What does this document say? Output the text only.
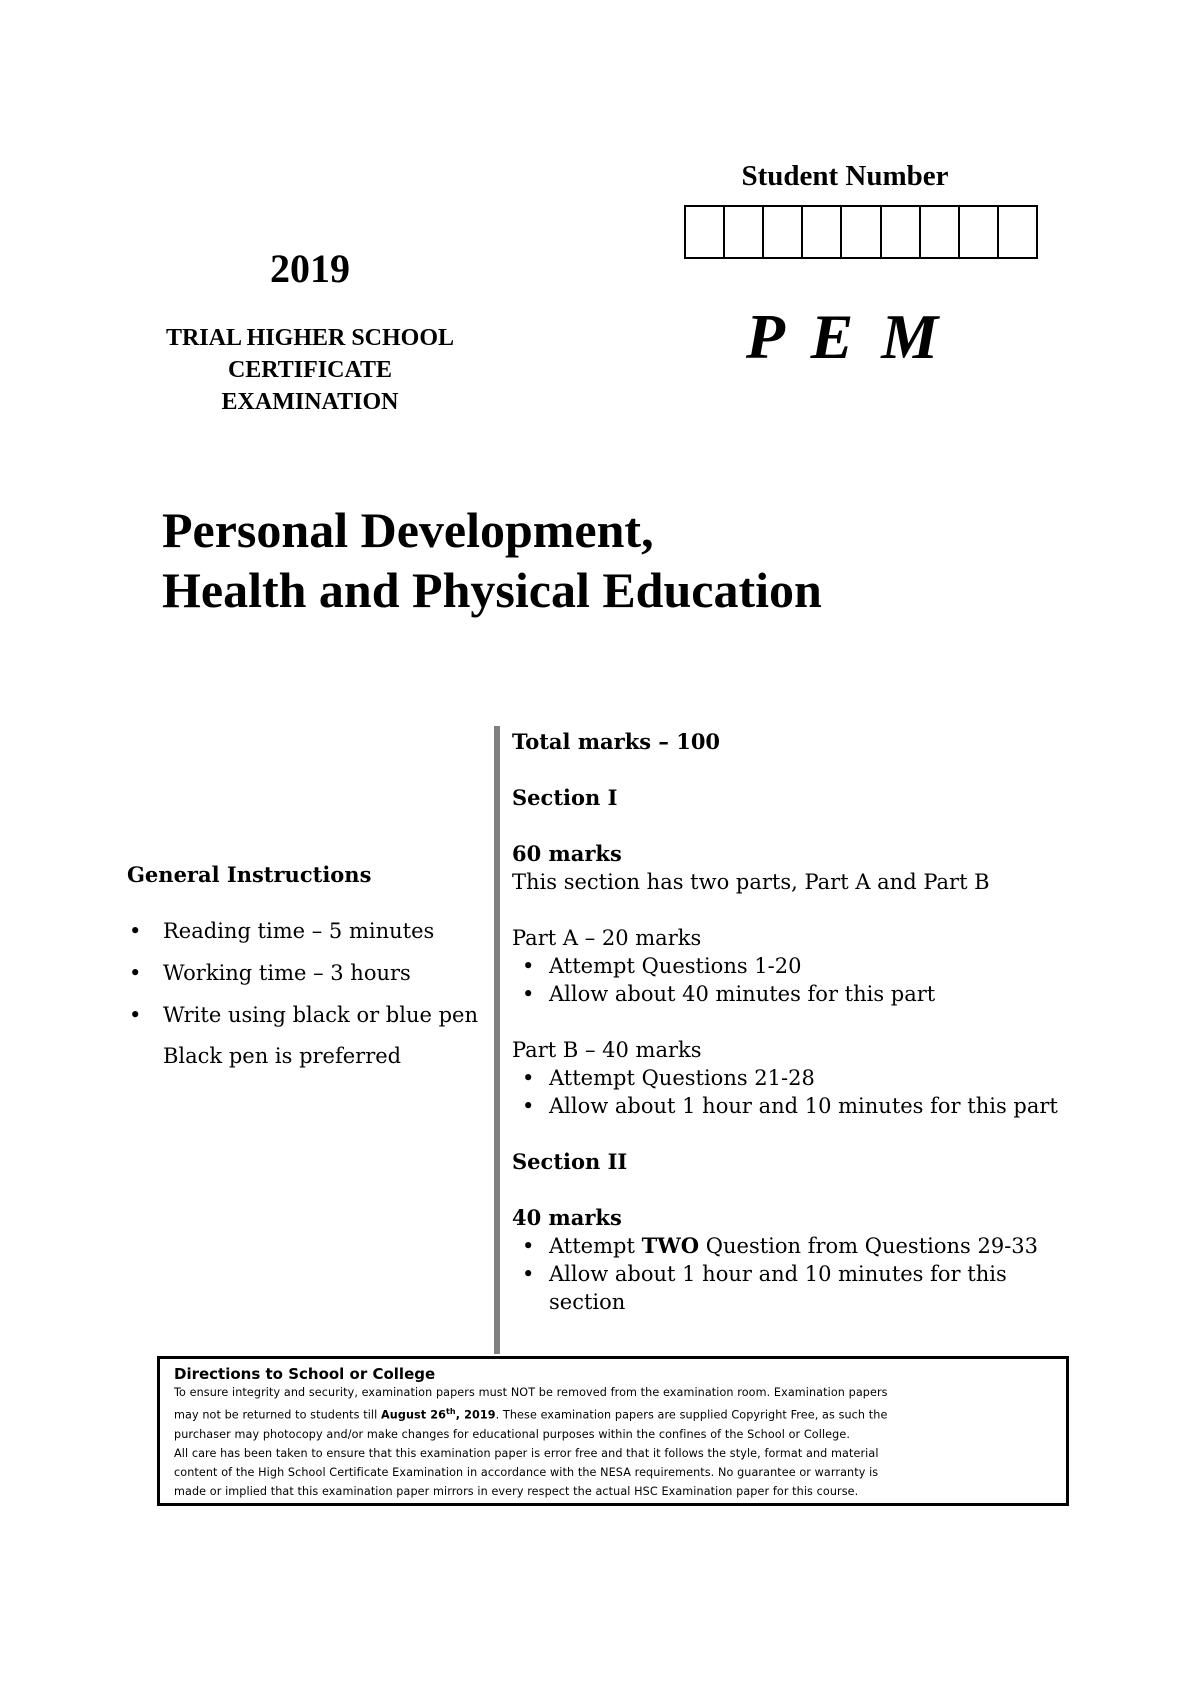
Student Number
P E M
2019
TRIAL HIGHER SCHOOL
CERTIFICATE
EXAMINATION
Personal Development,
Health and Physical Education
General Instructions
• Reading time – 5 minutes
• Working time – 3 hours
• Write using black or blue pen
Black pen is preferred
Total marks – 100
Section I
60 marks
This section has two parts, Part A and Part B
Part A – 20 marks
• Attempt Questions 1-20
• Allow about 40 minutes for this part
Part B – 40 marks
• Attempt Questions 21-28
• Allow about 1 hour and 10 minutes for this part
Section II
40 marks
• Attempt TWO Question from Questions 29-33
• Allow about 1 hour and 10 minutes for this
section
Directions to School or College
To ensure integrity and security, examination papers must NOT be removed from the examination room. Examination papers
may not be returned to students till August 26th, 2019. These examination papers are supplied Copyright Free, as such the
purchaser may photocopy and/or make changes for educational purposes within the confines of the School or College.
All care has been taken to ensure that this examination paper is error free and that it follows the style, format and material
content of the High School Certificate Examination in accordance with the NESA requirements. No guarantee or warranty is
made or implied that this examination paper mirrors in every respect the actual HSC Examination paper for this course.
